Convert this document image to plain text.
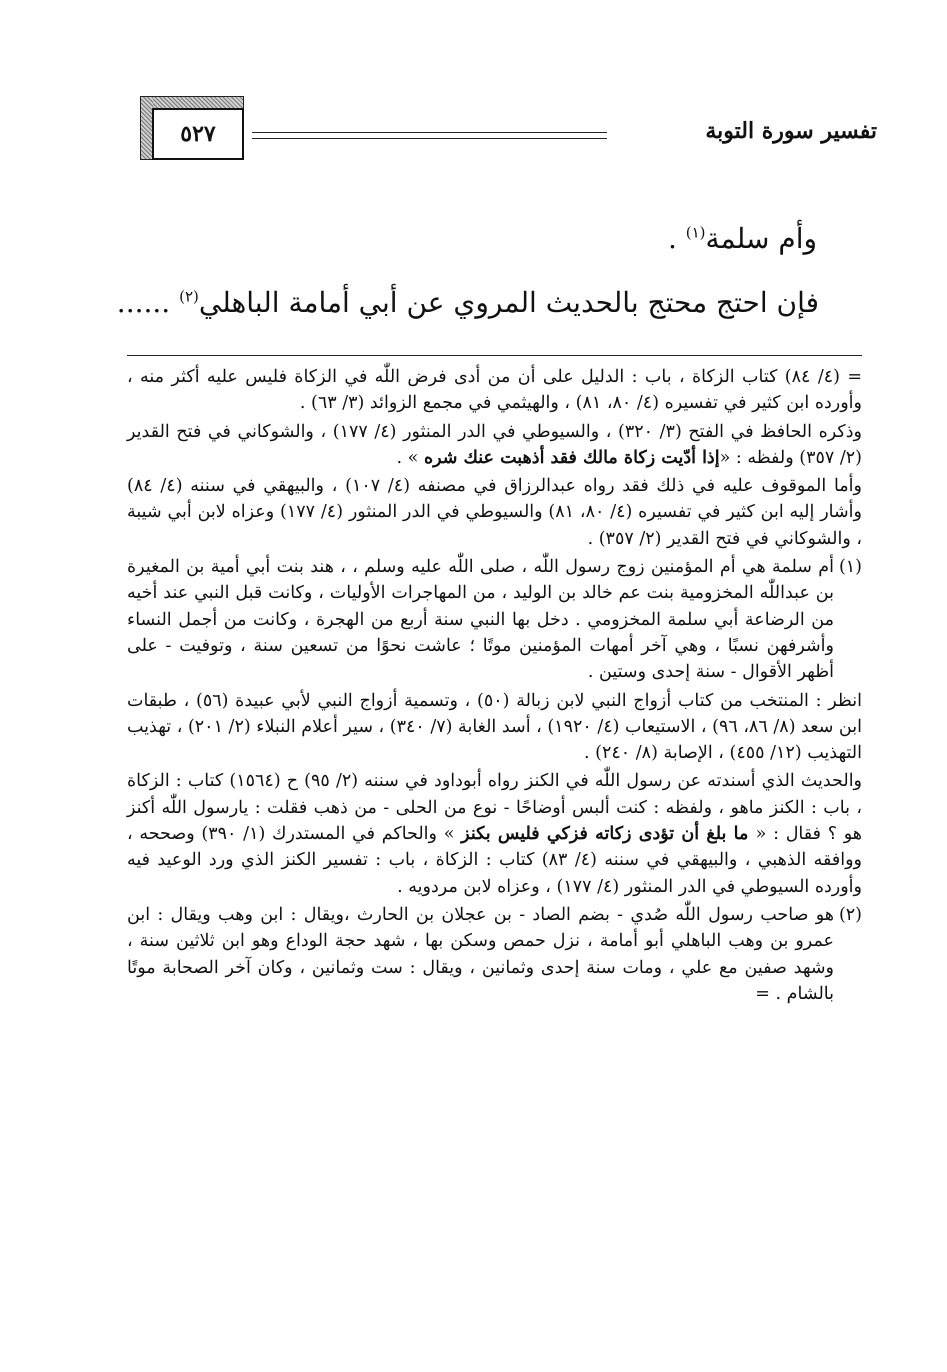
تفسير سورة التوبة
٥٢٧
وأم سلمة$^{(١)}$ .
فإن احتج محتج بالحديث المروي عن أبي أمامة الباهلي$^{(٢)}$ ......

= (٤/ ٨٤) كتاب الزكاة ، باب : الدليل على أن من أدى فرض اللّٰه في الزكاة فليس عليه أكثر منه ، وأورده ابن كثير في تفسيره (٤/ ٨٠، ٨١) ، والهيثمي في مجمع الزوائد (٣/ ٦٣) .

وذكره الحافظ في الفتح (٣/ ٣٢٠) ، والسيوطي في الدر المنثور (٤/ ١٧٧) ، والشوكاني في فتح القدير (٢/ ٣٥٧) ولفظه : «إذا أدّيت زكاة مالك فقد أذهبت عنك شره » .

وأما الموقوف عليه في ذلك فقد رواه عبدالرزاق في مصنفه (٤/ ١٠٧) ، والبيهقي في سننه (٤/ ٨٤) وأشار إليه ابن كثير في تفسيره (٤/ ٨٠، ٨١) والسيوطي في الدر المنثور (٤/ ١٧٧) وعزاه لابن أبي شيبة ، والشوكاني في فتح القدير (٢/ ٣٥٧) .

(١)
أم سلمة هي أم المؤمنين زوج رسول اللّٰه ، صلى اللّٰه عليه وسلم ، ، هند بنت أبي أمية بن المغيرة بن عبداللّٰه المخزومية بنت عم خالد بن الوليد ، من المهاجرات الأوليات ، وكانت قبل النبي عند أخيه من الرضاعة أبي سلمة المخزومي . دخل بها النبي سنة أربع من الهجرة ، وكانت من أجمل النساء وأشرفهن نسبًا ، وهي آخر أمهات المؤمنين موتًا ؛ عاشت نحوًا من تسعين سنة ، وتوفيت - على أظهر الأقوال - سنة إحدى وستين .

انظر : المنتخب من كتاب أزواج النبي لابن زبالة (٥٠) ، وتسمية أزواج النبي لأبي عبيدة (٥٦) ، طبقات ابن سعد (٨/ ٨٦، ٩٦) ، الاستيعاب (٤/ ١٩٢٠) ، أسد الغابة (٧/ ٣٤٠) ، سير أعلام النبلاء (٢/ ٢٠١) ، تهذيب التهذيب (١٢/ ٤٥٥) ، الإصابة (٨/ ٢٤٠) .

والحديث الذي أسندته عن رسول اللّٰه في الكنز رواه أبوداود في سننه (٢/ ٩٥) ح (١٥٦٤) كتاب : الزكاة ، باب : الكنز ماهو ، ولفظه : كنت ألبس أوضاحًا - نوع من الحلى - من ذهب فقلت : يارسول اللّٰه أكنز هو ؟ فقال : « ما بلغ أن تؤدى زكاته فزكي فليس بكنز » والحاكم في المستدرك (١/ ٣٩٠) وصححه ، ووافقه الذهبي ، والبيهقي في سننه (٤/ ٨٣) كتاب : الزكاة ، باب : تفسير الكنز الذي ورد الوعيد فيه وأورده السيوطي في الدر المنثور (٤/ ١٧٧) ، وعزاه لابن مردويه .

(٢)
هو صاحب رسول اللّٰه صُدي - بضم الصاد - بن عجلان بن الحارث ،ويقال : ابن وهب ويقال : ابن عمرو بن وهب الباهلي أبو أمامة ، نزل حمص وسكن بها ، شهد حجة الوداع وهو ابن ثلاثين سنة ، وشهد صفين مع علي ، ومات سنة إحدى وثمانين ، ويقال : ست وثمانين ، وكان آخر الصحابة موتًا بالشام . =
